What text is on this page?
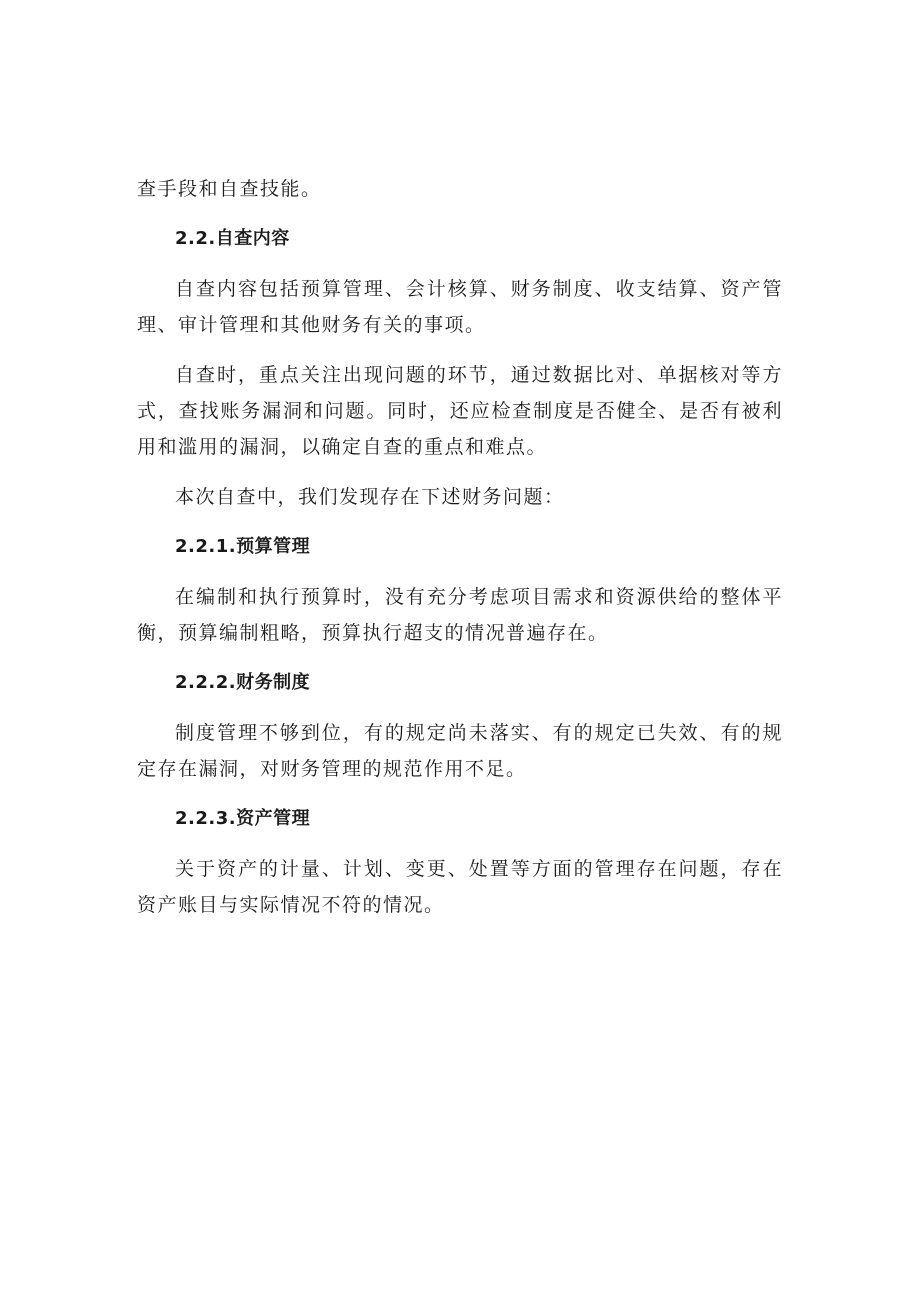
查手段和自查技能。

2.2.自查内容

自查内容包括预算管理、会计核算、财务制度、收支结算、资产管理、审计管理和其他财务有关的事项。

自查时，重点关注出现问题的环节，通过数据比对、单据核对等方式，查找账务漏洞和问题。同时，还应检查制度是否健全、是否有被利用和滥用的漏洞，以确定自查的重点和难点。

本次自查中，我们发现存在下述财务问题：

2.2.1.预算管理

在编制和执行预算时，没有充分考虑项目需求和资源供给的整体平衡，预算编制粗略，预算执行超支的情况普遍存在。

2.2.2.财务制度

制度管理不够到位，有的规定尚未落实、有的规定已失效、有的规定存在漏洞，对财务管理的规范作用不足。

2.2.3.资产管理

关于资产的计量、计划、变更、处置等方面的管理存在问题，存在资产账目与实际情况不符的情况。
